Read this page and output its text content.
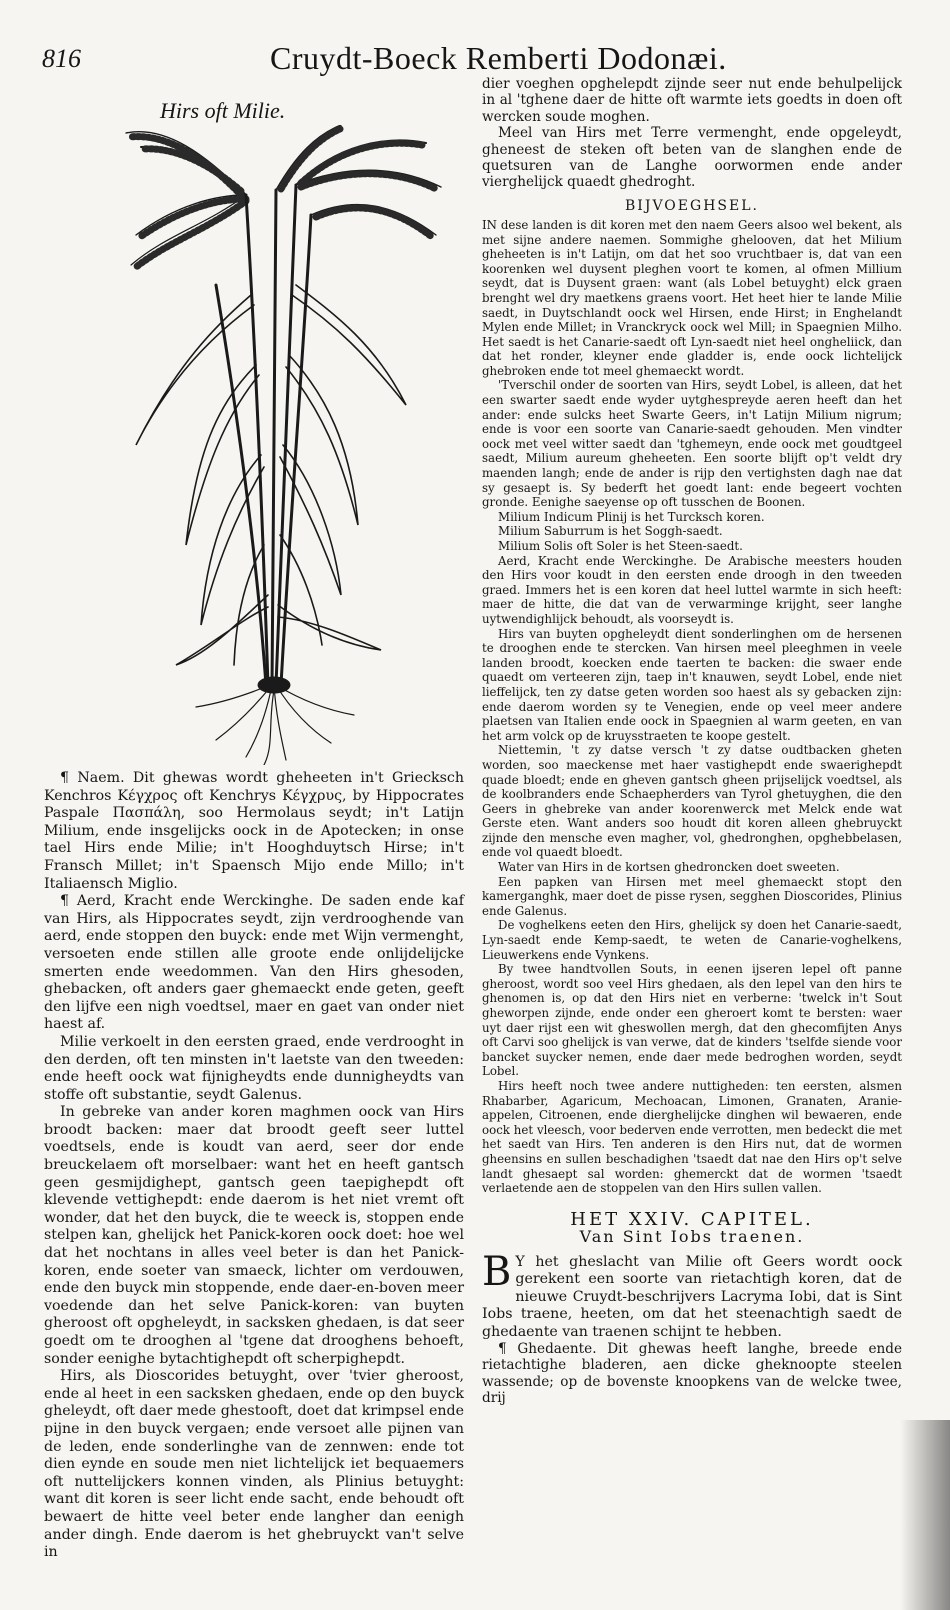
816	Cruydt-Boeck Remberti Dodonæi.
Hirs oft Milie.

¶ Naem. Dit ghewas wordt gheheeten in't Griecksch Kenchros Κέγχρος oft Kenchrys Κέγχρυς, by Hippocrates Paspale Πασπάλη, soo Hermolaus seydt; in't Latijn Milium, ende insgelijcks oock in de Apotecken; in onse tael Hirs ende Milie; in't Hooghduytsch Hirse; in't Fransch Millet; in't Spaensch Mijo ende Millo; in't Italiaensch Miglio.

¶ Aerd, Kracht ende Werckinghe. De saden ende kaf van Hirs, als Hippocrates seydt, zijn verdrooghende van aerd, ende stoppen den buyck: ende met Wijn vermenght, versoeten ende stillen alle groote ende onlijdelijcke smerten ende weedommen. Van den Hirs ghesoden, ghebacken, oft anders gaer ghemaeckt ende geten, geeft den lijfve een nigh voedtsel, maer en gaet van onder niet haest af.

Milie verkoelt in den eersten graed, ende verdrooght in den derden, oft ten minsten in't laetste van den tweeden: ende heeft oock wat fijnigheydts ende dunnigheydts van stoffe oft substantie, seydt Galenus.

In gebreke van ander koren maghmen oock van Hirs broodt backen: maer dat broodt geeft seer luttel voedtsels, ende is koudt van aerd, seer dor ende breuckelaem oft morselbaer: want het en heeft gantsch geen gesmijdighept, gantsch geen taepighepdt oft klevende vettighepdt: ende daerom is het niet vremt oft wonder, dat het den buyck, die te weeck is, stoppen ende stelpen kan, ghelijck het Panick-koren oock doet: hoe wel dat het nochtans in alles veel beter is dan het Panick-koren, ende soeter van smaeck, lichter om verdouwen, ende den buyck min stoppende, ende daer-en-boven meer voedende dan het selve Panick-koren: van buyten gheroost oft opgheleydt, in sacksken ghedaen, is dat seer goedt om te drooghen al 'tgene dat drooghens behoeft, sonder eenighe bytachtighepdt oft scherpighepdt.

Hirs, als Dioscorides betuyght, over 'tvier gheroost, ende al heet in een sacksken ghedaen, ende op den buyck gheleydt, oft daer mede ghestooft, doet dat krimpsel ende pijne in den buyck vergaen; ende versoet alle pijnen van de leden, ende sonderlinghe van de zennwen: ende tot dien eynde en soude men niet lichtelijck iet bequaemers oft nuttelijckers konnen vinden, als Plinius betuyght: want dit koren is seer licht ende sacht, ende behoudt oft bewaert de hitte veel beter ende langher dan eenigh ander dingh. Ende daerom is het ghebruyckt van't selve in

dier voeghen opghelepdt zijnde seer nut ende behulpelijck in al 'tghene daer de hitte oft warmte iets goedts in doen oft wercken soude moghen.

Meel van Hirs met Terre vermenght, ende opgeleydt, gheneest de steken oft beten van de slanghen ende de quetsuren van de Langhe oorwormen ende ander vierghelijck quaedt ghedroght.

BIJVOEGHSEL.

IN dese landen is dit koren met den naem Geers alsoo wel bekent, als met sijne andere naemen. Sommighe ghelooven, dat het Milium gheheeten is in't Latijn, om dat het soo vruchtbaer is, dat van een koorenken wel duysent pleghen voort te komen, al ofmen Millium seydt, dat is Duysent graen: want (als Lobel betuyght) elck graen brenght wel dry maetkens graens voort. Het heet hier te lande Milie saedt, in Duytschlandt oock wel Hirsen, ende Hirst; in Enghelandt Mylen ende Millet; in Vranckryck oock wel Mill; in Spaegnien Milho. Het saedt is het Canarie-saedt oft Lyn-saedt niet heel ongheliick, dan dat het ronder, kleyner ende gladder is, ende oock lichtelijck ghebroken ende tot meel ghemaeckt wordt.

'Tverschil onder de soorten van Hirs, seydt Lobel, is alleen, dat het een swarter saedt ende wyder uytghespreyde aeren heeft dan het ander: ende sulcks heet Swarte Geers, in't Latijn Milium nigrum; ende is voor een soorte van Canarie-saedt gehouden. Men vindter oock met veel witter saedt dan 'tghemeyn, ende oock met goudtgeel saedt, Milium aureum gheheeten. Een soorte blijft op't veldt dry maenden langh; ende de ander is rijp den vertighsten dagh nae dat sy gesaept is. Sy bederft het goedt lant: ende begeert vochten gronde. Eenighe saeyense op oft tusschen de Boonen.

Milium Indicum Plinij is het Turcksch koren.

Milium Saburrum is het Soggh-saedt.

Milium Solis oft Soler is het Steen-saedt.

Aerd, Kracht ende Werckinghe. De Arabische meesters houden den Hirs voor koudt in den eersten ende droogh in den tweeden graed. Immers het is een koren dat heel luttel warmte in sich heeft: maer de hitte, die dat van de verwarminge krijght, seer langhe uytwendighlijck behoudt, als voorseydt is.

Hirs van buyten opgheleydt dient sonderlinghen om de hersenen te drooghen ende te stercken. Van hirsen meel pleeghmen in veele landen broodt, koecken ende taerten te backen: die swaer ende quaedt om verteeren zijn, taep in't knauwen, seydt Lobel, ende niet lieffelijck, ten zy datse geten worden soo haest als sy gebacken zijn: ende daerom worden sy te Venegien, ende op veel meer andere plaetsen van Italien ende oock in Spaegnien al warm geeten, en van het arm volck op de kruysstraeten te koope gestelt.

Niettemin, 't zy datse versch 't zy datse oudtbacken gheten worden, soo maeckense met haer vastighepdt ende swaerighepdt quade bloedt; ende en gheven gantsch gheen prijselijck voedtsel, als de koolbranders ende Schaepherders van Tyrol ghetuyghen, die den Geers in ghebreke van ander koorenwerck met Melck ende wat Gerste eten. Want anders soo houdt dit koren alleen ghebruyckt zijnde den mensche even magher, vol, ghedronghen, opghebbelasen, ende vol quaedt bloedt.

Water van Hirs in de kortsen ghedroncken doet sweeten.

Een papken van Hirsen met meel ghemaeckt stopt den kamerganghk, maer doet de pisse rysen, segghen Dioscorides, Plinius ende Galenus.

De voghelkens eeten den Hirs, ghelijck sy doen het Canarie-saedt, Lyn-saedt ende Kemp-saedt, te weten de Canarie-voghelkens, Lieuwerkens ende Vynkens.

By twee handtvollen Souts, in eenen ijseren lepel oft panne gheroost, wordt soo veel Hirs ghedaen, als den lepel van den hirs te ghenomen is, op dat den Hirs niet en verberne: 'twelck in't Sout gheworpen zijnde, ende onder een gheroert komt te bersten: waer uyt daer rijst een wit gheswollen mergh, dat den ghecomfijten Anys oft Carvi soo ghelijck is van verwe, dat de kinders 'tselfde siende voor bancket suycker nemen, ende daer mede bedroghen worden, seydt Lobel.

Hirs heeft noch twee andere nuttigheden: ten eersten, alsmen Rhabarber, Agaricum, Mechoacan, Limonen, Granaten, Aranie-appelen, Citroenen, ende dierghelijcke dinghen wil bewaeren, ende oock het vleesch, voor bederven ende verrotten, men bedeckt die met het saedt van Hirs. Ten anderen is den Hirs nut, dat de wormen gheensins en sullen beschadighen 'tsaedt dat nae den Hirs op't selve landt ghesaept sal worden: ghemerckt dat de wormen 'tsaedt verlaetende aen de stoppelen van den Hirs sullen vallen.

HET XXIV. CAPITEL.
Van Sint Iobs traenen.

BY het gheslacht van Milie oft Geers wordt oock gerekent een soorte van rietachtigh koren, dat de nieuwe Cruydt-beschrijvers Lacryma Iobi, dat is Sint Iobs traene, heeten, om dat het steenachtigh saedt de ghedaente van traenen schijnt te hebben.

¶ Ghedaente. Dit ghewas heeft langhe, breede ende rietachtighe bladeren, aen dicke gheknoopte steelen wassende; op de bovenste knoopkens van de welcke twee, drij
